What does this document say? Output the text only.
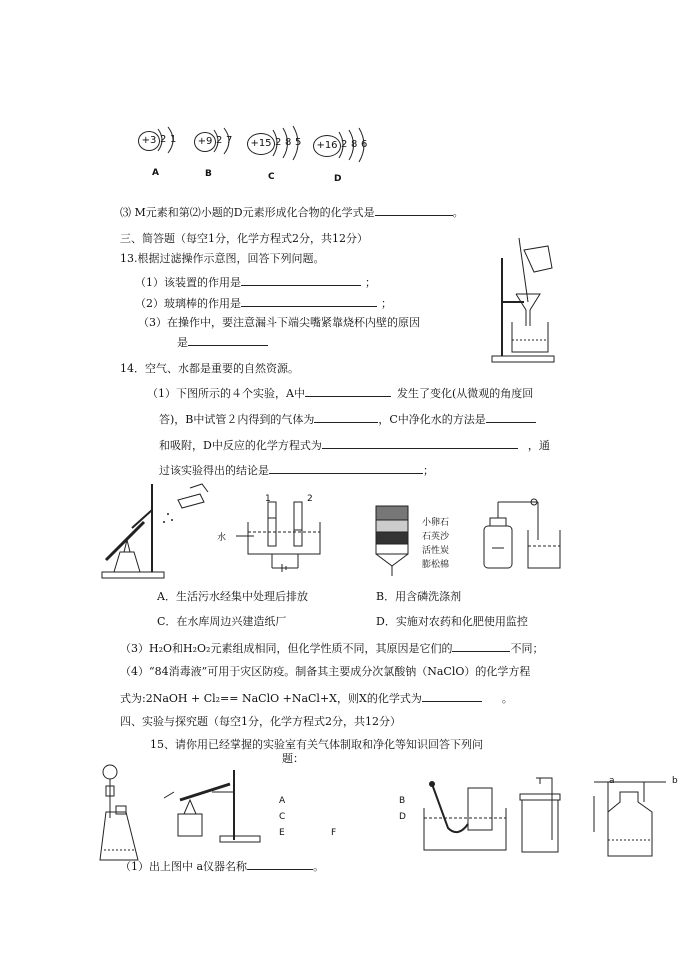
+3 2 1
A
+9 2 7
B
+15 2 8 5
C
+16 2 8 6
D
⑶ M元素和第⑵小题的D元素形成化合物的化学式是	。
三、简答题（每空1分，化学方程式2分，共12分）
13.根据过滤操作示意图，回答下列问题。
（1）该装置的作用是	；
（2）玻璃棒的作用是	；
（3）在操作中，要注意漏斗下端尖嘴紧靠烧杯内壁的原因
是
14．空气、水都是重要的自然资源。
（1）下图所示的４个实验，A中	发生了变化(从微观的角度回
答)，B中试管２内得到的气体为	，C中净化水的方法是
和吸附，D中反应的化学方程式为	，通
过该实验得出的结论是	；
1	2
水
小卵石
石英沙
活性炭
膨松棉
A．生活污水经集中处理后排放	B．用含磷洗涤剂
C．在水库周边兴建造纸厂	D．实施对农药和化肥使用监控
（3）H₂O和H₂O₂元素组成相同，但化学性质不同，其原因是它们的	不同；
（4）“84消毒液”可用于灾区防疫。制备其主要成分次氯酸钠（NaClO）的化学方程
式为:2NaOH + Cl₂== NaClO +NaCl+X，则X的化学式为	。
四、实验与探究题（每空1分，化学方程式2分，共12分）
15、请你用已经掌握的实验室有关气体制取和净化等知识回答下列问
题：
A
C
E	F
B
D
a	b
（1）出上图中 a仪器名称	。
